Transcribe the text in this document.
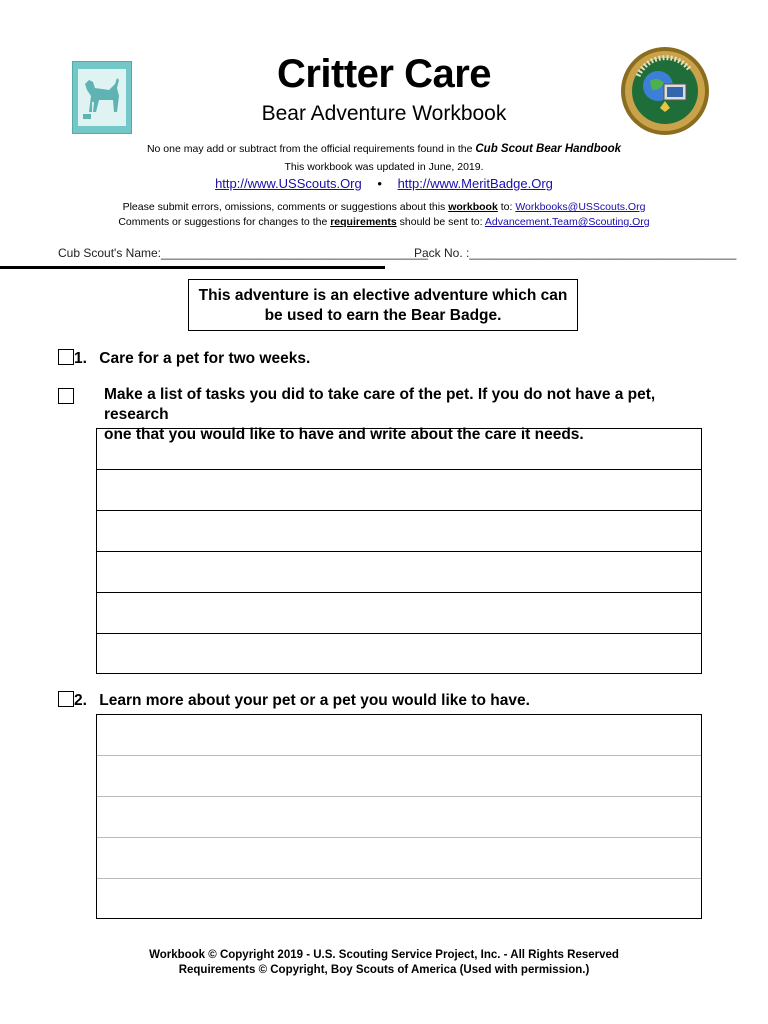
Critter Care
Bear Adventure Workbook
No one may add or subtract from the official requirements found in the Cub Scout Bear Handbook
This workbook was updated in June, 2019.
http://www.USScouts.Org • http://www.MeritBadge.Org
Please submit errors, omissions, comments or suggestions about this workbook to: Workbooks@USScouts.Org
Comments or suggestions for changes to the requirements should be sent to: Advancement.Team@Scouting.Org
Cub Scout's Name:________________________________________
Pack No. :________________________________________
This adventure is an elective adventure which can
be used to earn the Bear Badge.
1. Care for a pet for two weeks.
Make a list of tasks you did to take care of the pet. If you do not have a pet, research
one that you would like to have and write about the care it needs.
2. Learn more about your pet or a pet you would like to have.
Workbook © Copyright 2019 - U.S. Scouting Service Project, Inc. - All Rights Reserved
Requirements © Copyright, Boy Scouts of America (Used with permission.)
